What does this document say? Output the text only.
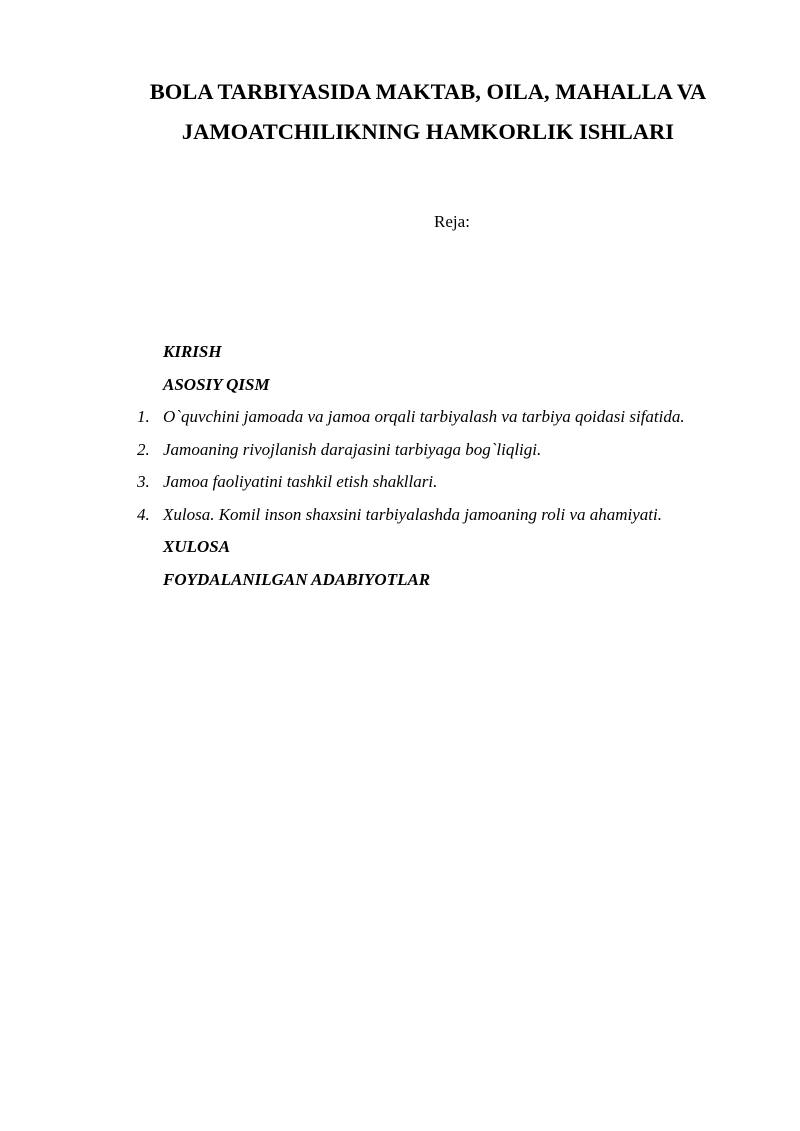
BOLA TARBIYASIDA MAKTAB, OILA, MAHALLA VA
JAMOATCHILIKNING HAMKORLIK ISHLARI

Reja:

KIRISH
ASOSIY QISM
1. O`quvchini jamoada va jamoa orqali tarbiyalash va tarbiya qoidasi sifatida.
2. Jamoaning rivojlanish darajasini tarbiyaga bog`liqligi.
3. Jamoa faoliyatini tashkil etish shakllari.
4. Xulosa. Komil inson shaxsini tarbiyalashda jamoaning roli va ahamiyati.
XULOSA
FOYDALANILGAN ADABIYOTLAR
